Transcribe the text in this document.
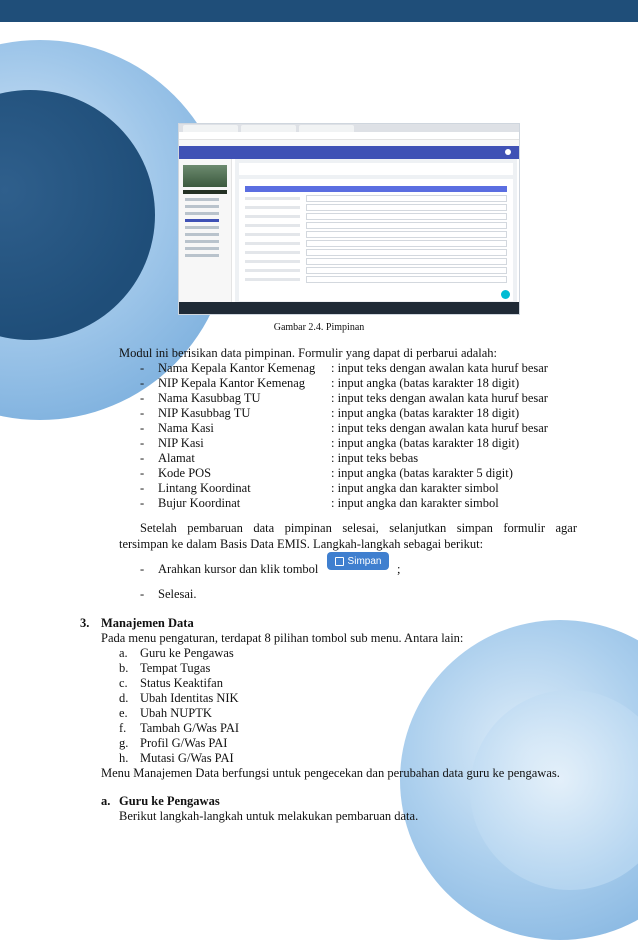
Gambar 2.4. Pimpinan
Modul ini berisikan data pimpinan. Formulir yang dapat di perbarui adalah:
- Nama Kepala Kantor Kemenag : input teks dengan awalan kata huruf besar
- NIP Kepala Kantor Kemenag : input angka (batas karakter 18 digit)
- Nama Kasubbag TU	: input teks dengan awalan kata huruf besar
- NIP Kasubbag TU	: input angka (batas karakter 18 digit)
- Nama Kasi	: input teks dengan awalan kata huruf besar
- NIP Kasi	: input angka (batas karakter 18 digit)
- Alamat	: input teks bebas
- Kode POS	: input angka (batas karakter 5 digit)
- Lintang Koordinat	: input angka dan karakter simbol
- Bujur Koordinat	: input angka dan karakter simbol
Setelah pembaruan data pimpinan selesai, selanjutkan simpan formulir agar
tersimpan ke dalam Basis Data EMIS. Langkah-langkah sebagai berikut:
- Arahkan kursor dan klik tombol
Simpan
;
- Selesai.
3. Manajemen Data
Pada menu pengaturan, terdapat 8 pilihan tombol sub menu. Antara lain:
a. Guru ke Pengawas
b. Tempat Tugas
c. Status Keaktifan
d. Ubah Identitas NIK
e. Ubah NUPTK
f. Tambah G/Was PAI
g. Profil G/Was PAI
h. Mutasi G/Was PAI
Menu Manajemen Data berfungsi untuk pengecekan dan perubahan data guru ke pengawas.
a. Guru ke Pengawas
Berikut langkah-langkah untuk melakukan pembaruan data.
